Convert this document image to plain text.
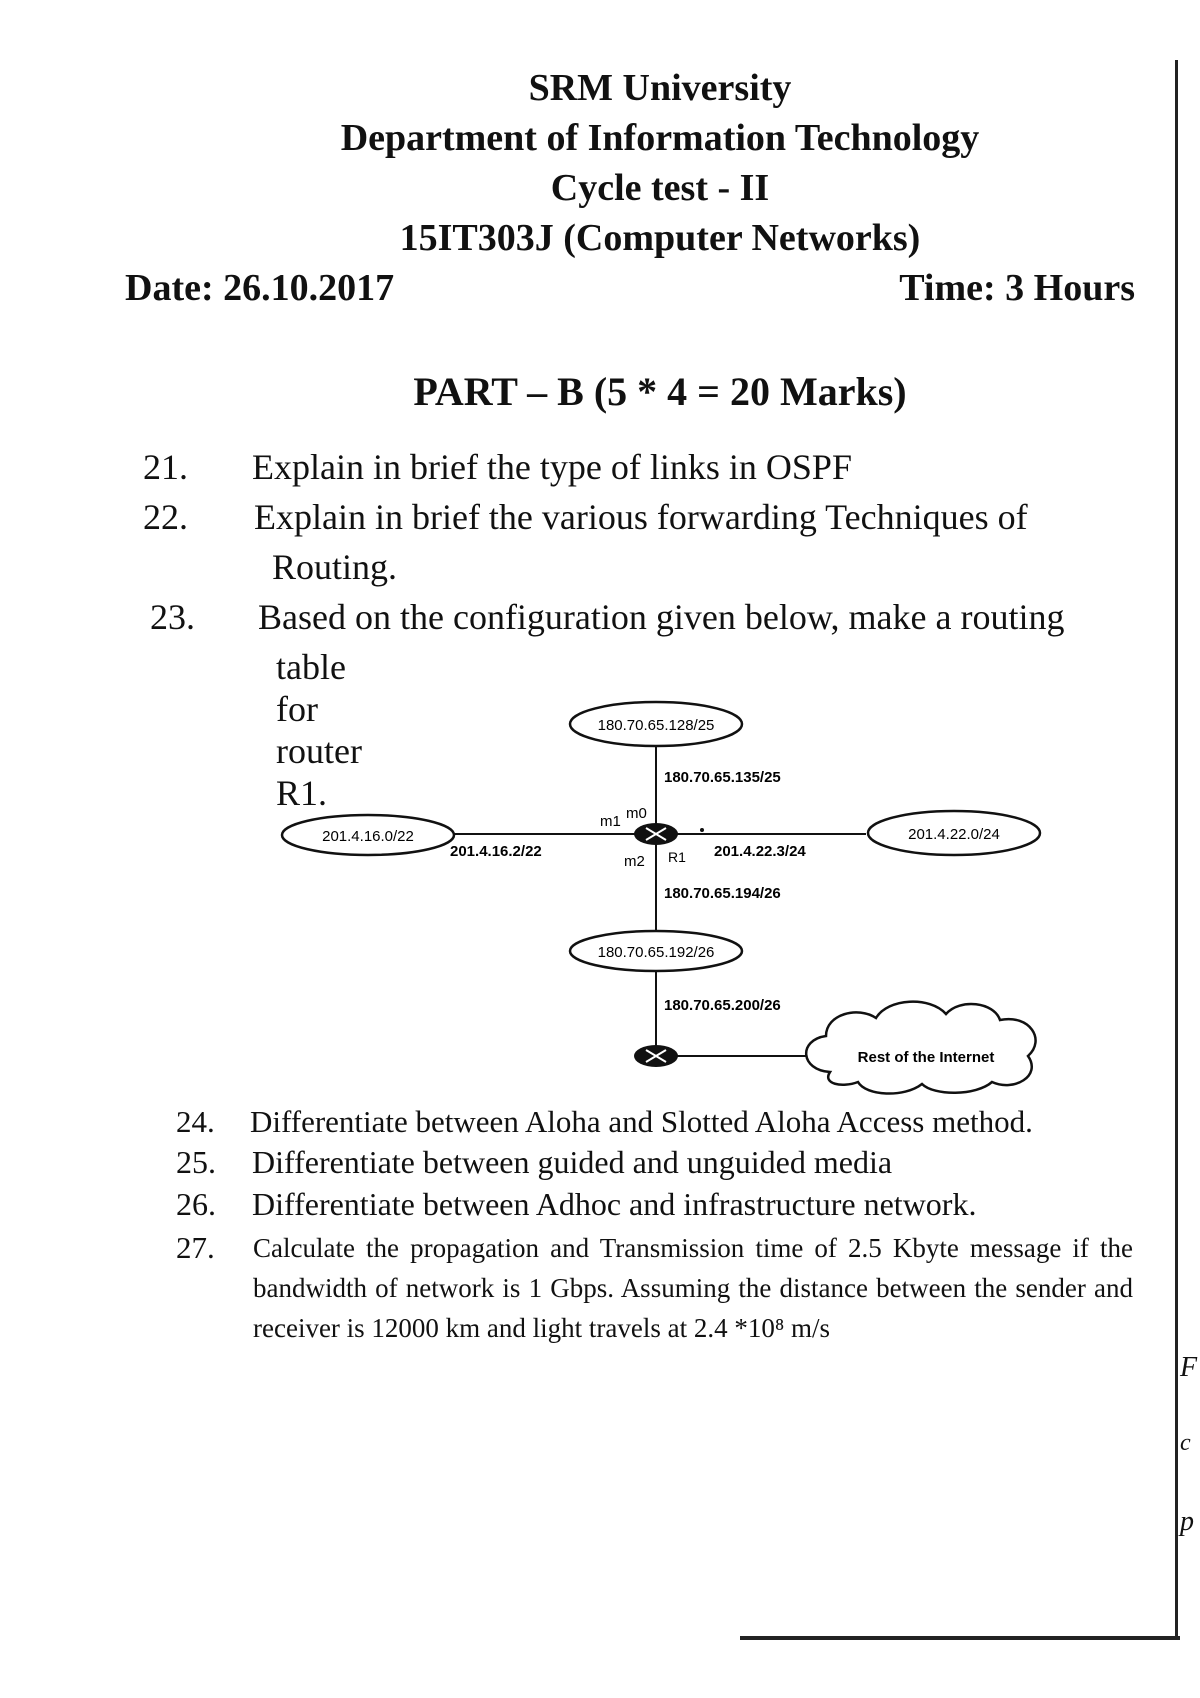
SRM University
Department of Information Technology
Cycle test - II
15IT303J (Computer Networks)
Date: 26.10.2017	Time: 3 Hours
PART – B (5 * 4 = 20 Marks)
21. Explain in brief the type of links in OSPF
22. Explain in brief the various forwarding Techniques of
Routing.
23. Based on the configuration given below, make a routing
table for router R1.
180.70.65.128/25
201.4.16.0/22	201.4.22.0/24
180.70.65.192/26
180.70.65.135/25
201.4.16.2/22	201.4.22.3/24
180.70.65.194/26
180.70.65.200/26
m0
m1
m2 R1
Rest of the Internet
24. Differentiate between Aloha and Slotted Aloha Access method.
25. Differentiate between guided and unguided media
26. Differentiate between Adhoc and infrastructure network.
27. Calculate the propagation and Transmission time of 2.5 Kbyte message if the bandwidth of network is 1 Gbps. Assuming the distance between the sender and receiver is 12000 km and light travels at 2.4 *10⁸ m/s
F
c
p
